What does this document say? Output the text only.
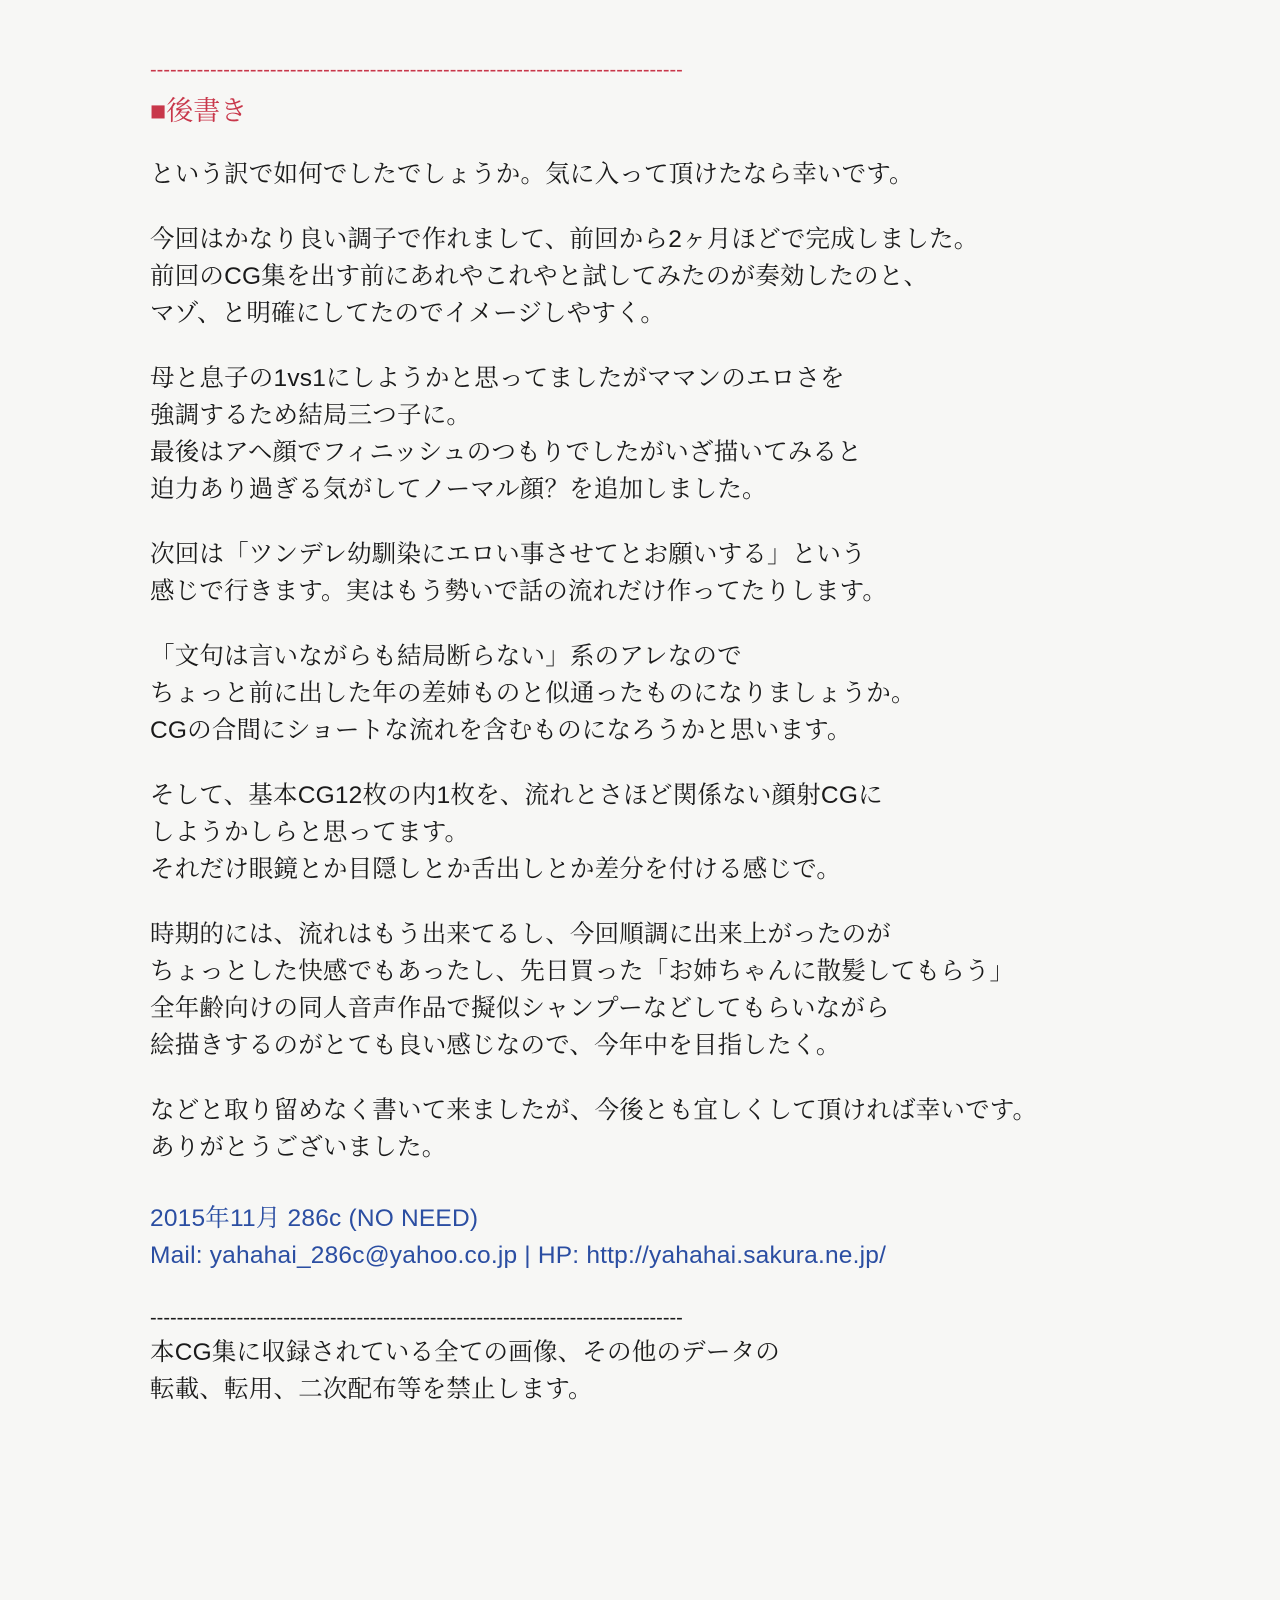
--------------------------------------------------------------------------------
■後書き
という訳で如何でしたでしょうか。気に入って頂けたなら幸いです。
今回はかなり良い調子で作れまして、前回から2ヶ月ほどで完成しました。
前回のCG集を出す前にあれやこれやと試してみたのが奏効したのと、
マゾ、と明確にしてたのでイメージしやすく。
母と息子の1vs1にしようかと思ってましたがママンのエロさを
強調するため結局三つ子に。
最後はアヘ顔でフィニッシュのつもりでしたがいざ描いてみると
迫力あり過ぎる気がしてノーマル顔？を追加しました。
次回は「ツンデレ幼馴染にエロい事させてとお願いする」という
感じで行きます。実はもう勢いで話の流れだけ作ってたりします。
「文句は言いながらも結局断らない」系のアレなので
ちょっと前に出した年の差姉ものと似通ったものになりましょうか。
CGの合間にショートな流れを含むものになろうかと思います。
そして、基本CG12枚の内1枚を、流れとさほど関係ない顔射CGに
しようかしらと思ってます。
それだけ眼鏡とか目隠しとか舌出しとか差分を付ける感じで。
時期的には、流れはもう出来てるし、今回順調に出来上がったのが
ちょっとした快感でもあったし、先日買った「お姉ちゃんに散髪してもらう」
全年齢向けの同人音声作品で擬似シャンプーなどしてもらいながら
絵描きするのがとても良い感じなので、今年中を目指したく。
などと取り留めなく書いて来ましたが、今後とも宜しくして頂ければ幸いです。
ありがとうございました。
2015年11月 286c (NO NEED)
Mail: yahahai_286c@yahoo.co.jp | HP: http://yahahai.sakura.ne.jp/
--------------------------------------------------------------------------------
本CG集に収録されている全ての画像、その他のデータの
転載、転用、二次配布等を禁止します。
